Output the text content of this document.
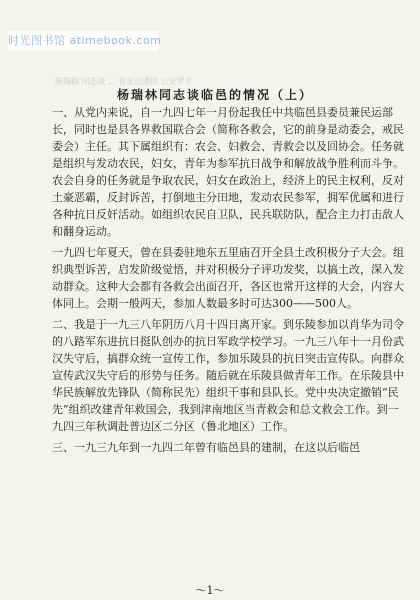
时光图书馆 atimebook.com
陈锡联 同志谈 ... 在北边遇民 公安罗平
杨瑞林同志谈临邑的情况（上）

一、从党内来说，自一九四七年一月份起我任中共临邑县委员兼民运部长，同时也是县各界救国联合会（简称各救会，它的前身是动委会，戒民委会）主任。其下属组织有：农会、妇救会、青救会以及回协会。任务就是组织与发动农民，妇女，青年为参军抗日战争和解放战争胜利而斗争。农会自身的任务就是争取农民，妇女在政治上，经济上的民主权利，反对土豪恶霸，反封诉苦，打倒地主分田地，发动农民参军，拥军优属和进行各种抗日反奸活动。如组织农民自卫队，民兵联防队，配合主力打击敌人和翻身运动。

一九四七年夏天，曾在县委驻地东五里庙召开全县土改积极分子大会。组织典型诉苦，启发阶级觉悟，并对积极分子评功发奖，以搞土改，深入发动群众。这种大会都有各救会出面召开，各区也常开这样的大会，内容大体同上。会期一般两天，参加人数最多时可达300——500人。

二、我是于一九三八年阴历八月十四日离开家。到乐陵参加以肖华为司令的八路军东进抗日挺队创办的抗日军政学校学习。一九三八年十一月份武汉失守后，搞群众统一宣传工作，参加乐陵县的抗日突击宣传队。向群众宣传武汉失守后的形势与任务。随后就在乐陵县做青年工作。在乐陵县中华民族解放先锋队（简称民先）组织干事和县队长。党中央决定撤销“民先”组织改建青年救国会，我到津南地区当青救会和总文救会工作。到一九四三年秋调赴普边区二分区（鲁北地区）工作。

三、一九三九年到一九四二年曾有临邑县的建制，在这以后临邑

～1～
